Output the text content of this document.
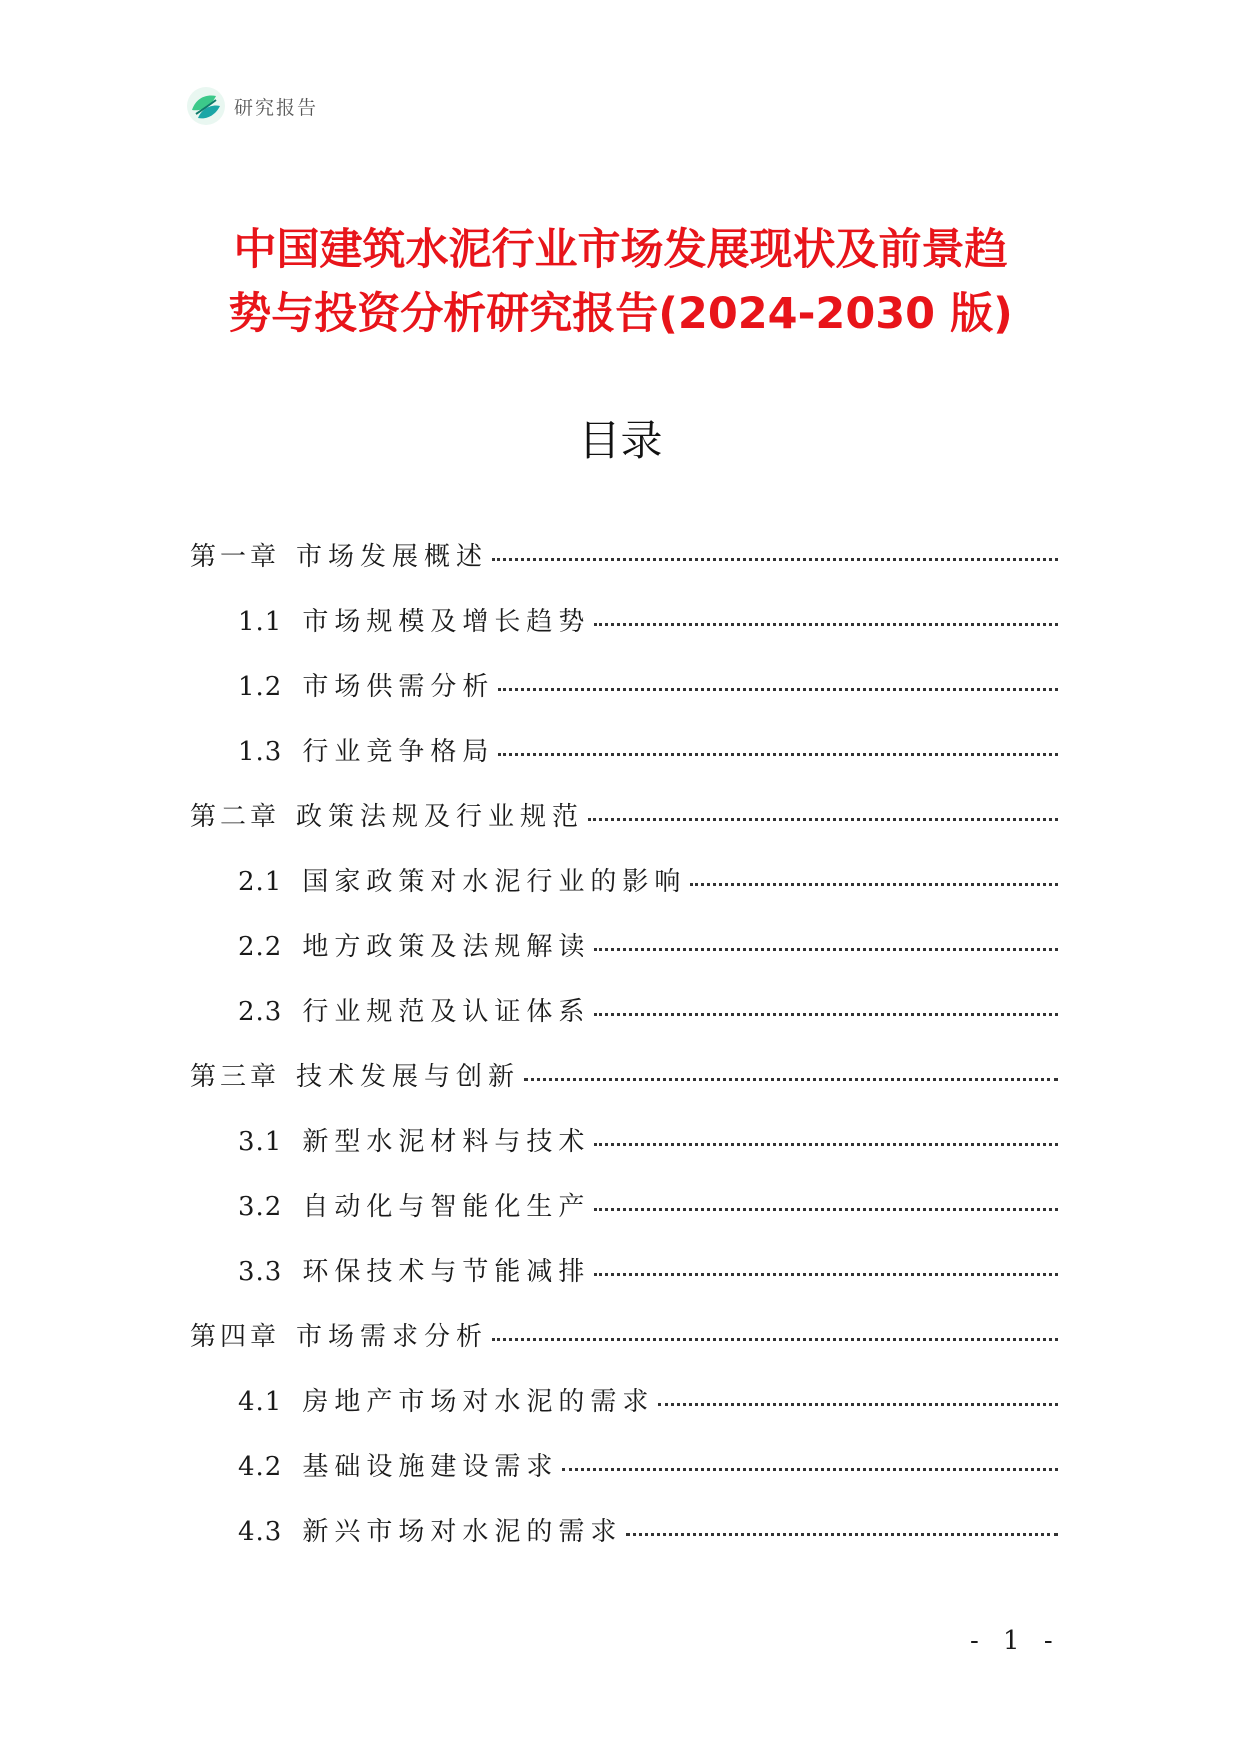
研究报告
中国建筑水泥行业市场发展现状及前景趋
势与投资分析研究报告(2024-2030 版)
目录
第一章 市场发展概述
1.1 市场规模及增长趋势
1.2 市场供需分析
1.3 行业竞争格局
第二章 政策法规及行业规范
2.1 国家政策对水泥行业的影响
2.2 地方政策及法规解读
2.3 行业规范及认证体系
第三章 技术发展与创新
3.1 新型水泥材料与技术
3.2 自动化与智能化生产
3.3 环保技术与节能减排
第四章 市场需求分析
4.1 房地产市场对水泥的需求
4.2 基础设施建设需求
4.3 新兴市场对水泥的需求
- 1 -
